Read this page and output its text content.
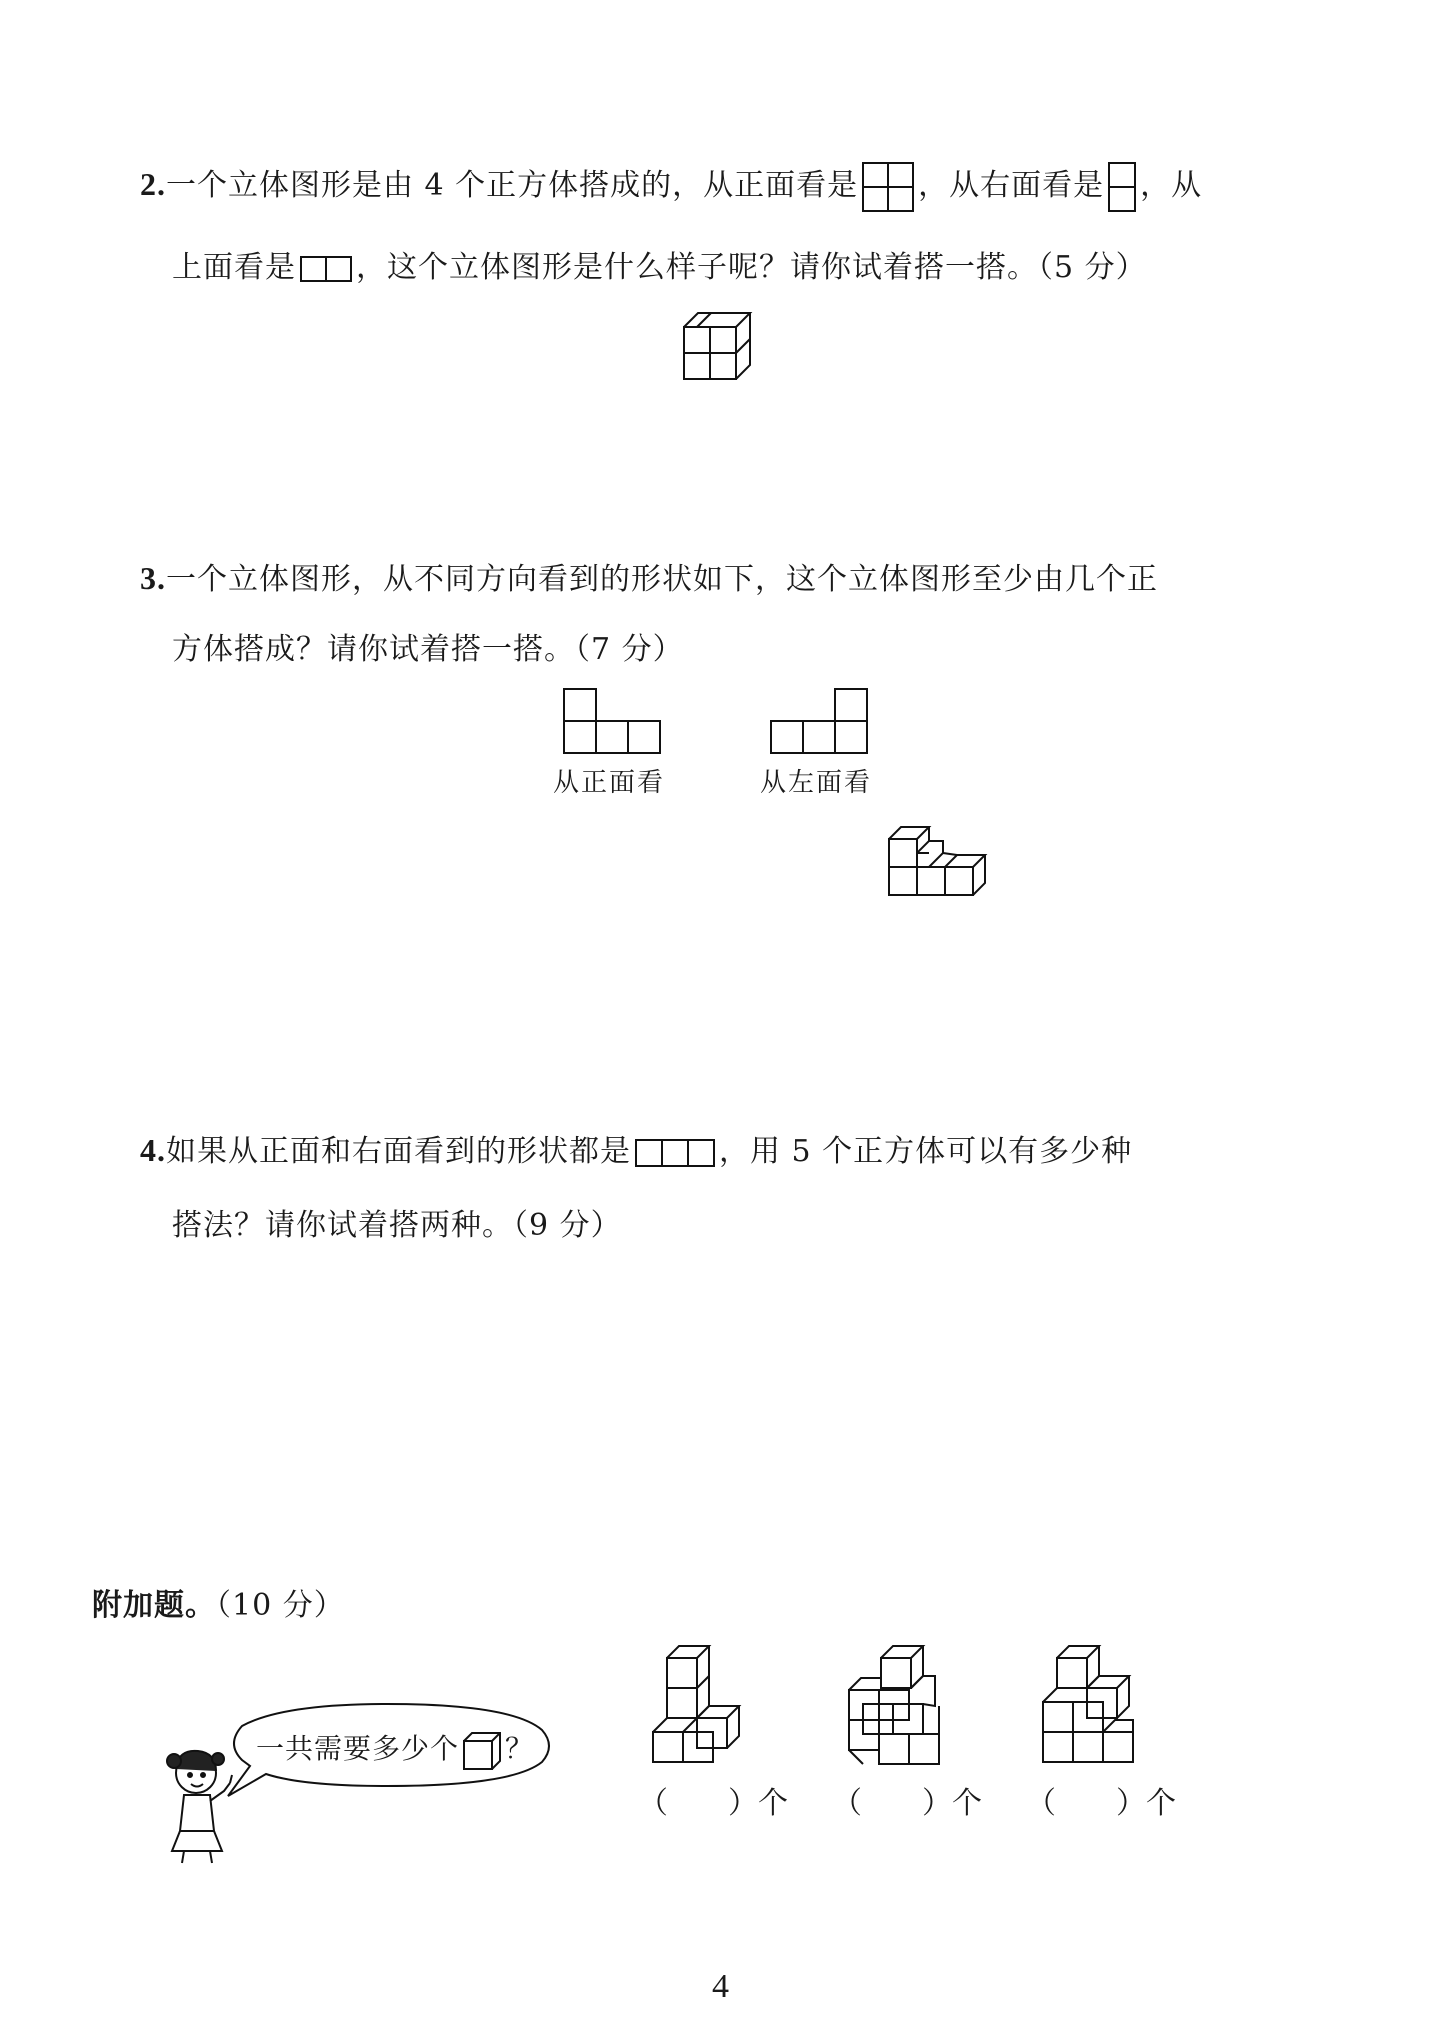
2.一个立体图形是由 4 个正方体搭成的，从正面看是 ，从右面看是 ，从
上面看是 ，这个立体图形是什么样子呢？请你试着搭一搭。（5 分）
3.一个立体图形，从不同方向看到的形状如下，这个立体图形至少由几个正
方体搭成？请你试着搭一搭。（7 分）
从正面看	从左面看
4.如果从正面和右面看到的形状都是	，用 5 个正方体可以有多少种
搭法？请你试着搭两种。（9 分）
附加题。（10 分）
一共需要多少个 ？
（　　）个 （　　）个 （　　）个
4
